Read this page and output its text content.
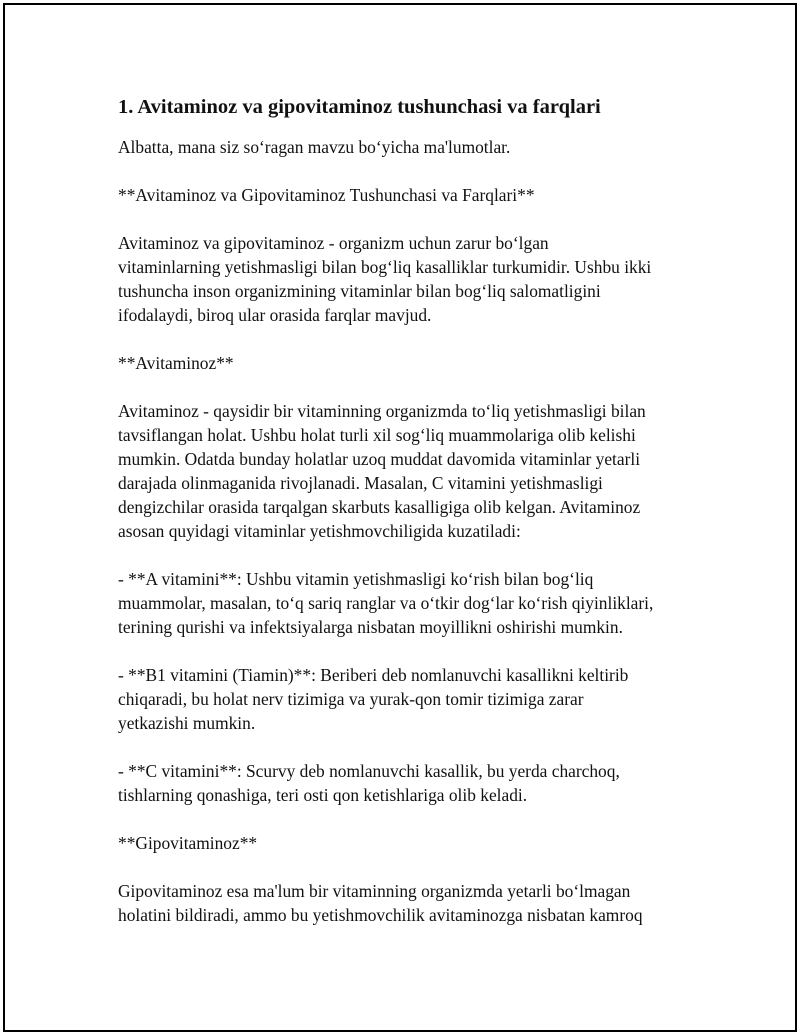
1. Avitaminoz va gipovitaminoz tushunchasi va farqlari

Albatta, mana siz so‘ragan mavzu bo‘yicha ma'lumotlar.

**Avitaminoz va Gipovitaminoz Tushunchasi va Farqlari**

Avitaminoz va gipovitaminoz - organizm uchun zarur bo‘lgan
vitaminlarning yetishmasligi bilan bog‘liq kasalliklar turkumidir. Ushbu ikki
tushuncha inson organizmining vitaminlar bilan bog‘liq salomatligini
ifodalaydi, biroq ular orasida farqlar mavjud.

**Avitaminoz**

Avitaminoz - qaysidir bir vitaminning organizmda to‘liq yetishmasligi bilan
tavsiflangan holat. Ushbu holat turli xil sog‘liq muammolariga olib kelishi
mumkin. Odatda bunday holatlar uzoq muddat davomida vitaminlar yetarli
darajada olinmaganida rivojlanadi. Masalan, C vitamini yetishmasligi
dengizchilar orasida tarqalgan skarbuts kasalligiga olib kelgan. Avitaminoz
asosan quyidagi vitaminlar yetishmovchiligida kuzatiladi:

- **A vitamini**: Ushbu vitamin yetishmasligi ko‘rish bilan bog‘liq
muammolar, masalan, to‘q sariq ranglar va o‘tkir dog‘lar ko‘rish qiyinliklari,
terining qurishi va infektsiyalarga nisbatan moyillikni oshirishi mumkin.

- **B1 vitamini (Tiamin)**: Beriberi deb nomlanuvchi kasallikni keltirib
chiqaradi, bu holat nerv tizimiga va yurak-qon tomir tizimiga zarar
yetkazishi mumkin.

- **C vitamini**: Scurvy deb nomlanuvchi kasallik, bu yerda charchoq,
tishlarning qonashiga, teri osti qon ketishlariga olib keladi.

**Gipovitaminoz**

Gipovitaminoz esa ma'lum bir vitaminning organizmda yetarli bo‘lmagan
holatini bildiradi, ammo bu yetishmovchilik avitaminozga nisbatan kamroq
